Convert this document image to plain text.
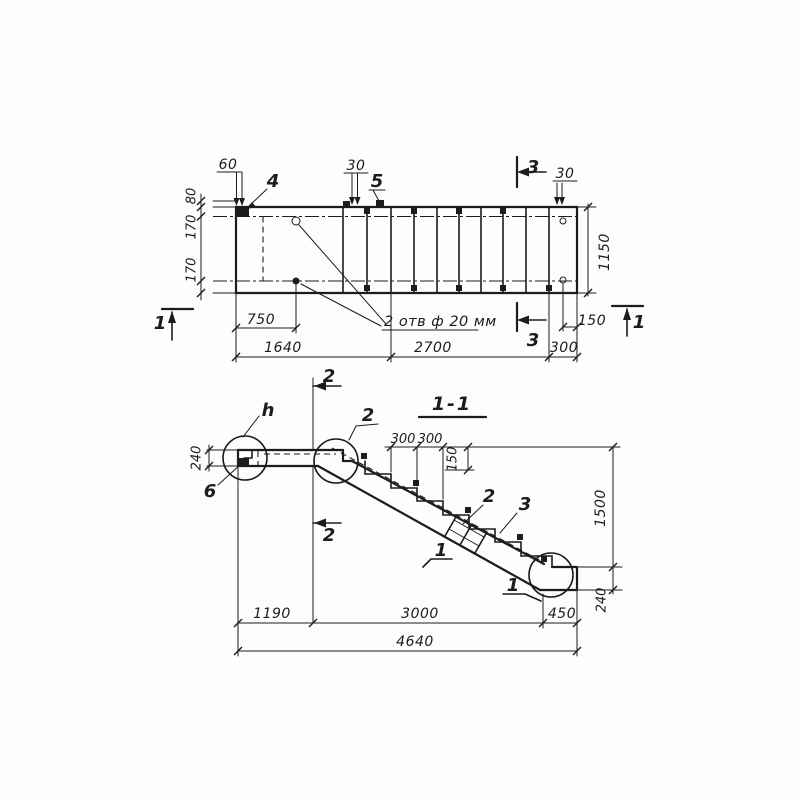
2 отв ф 20 мм
60
4
30
5
3 30
80
170
170	1150
1	1
3
750	150
1640	2700	300
1-1
h	2
6	2 3
1
1
2
2
240
300 300
150
1500
240
1190	3000	450
4640
